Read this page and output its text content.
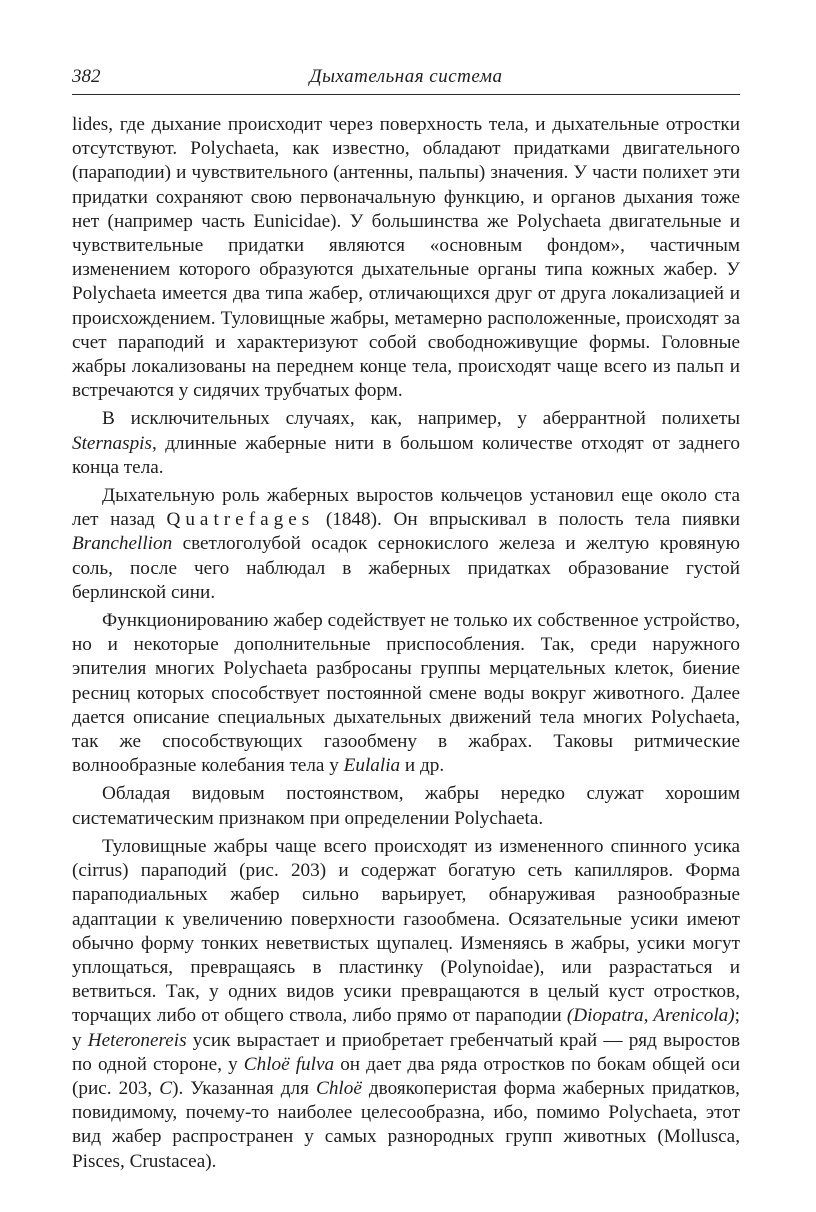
382	Дыхательная система

lides, где дыхание происходит через поверхность тела, и дыхательные отростки отсутствуют. Polychaeta, как известно, обладают придатками двигательного (параподии) и чувствительного (антенны, пальпы) значения. У части полихет эти придатки сохраняют свою первоначальную функцию, и органов дыхания тоже нет (например часть Eunicidae). У большинства же Polychaeta двигательные и чувствительные придатки являются «основным фондом», частичным изменением которого образуются дыхательные органы типа кожных жабер. У Polychaeta имеется два типа жабер, отличающихся друг от друга локализацией и происхождением. Туловищные жабры, метамерно расположенные, происходят за счет параподий и характеризуют собой свободноживущие формы. Головные жабры локализованы на переднем конце тела, происходят чаще всего из пальп и встречаются у сидячих трубчатых форм.

В исключительных случаях, как, например, у аберрантной полихеты Sternaspis, длинные жаберные нити в большом количестве отходят от заднего конца тела.

Дыхательную роль жаберных выростов кольчецов установил еще около ста лет назад Quatrefages (1848). Он впрыскивал в полость тела пиявки Branchellion светлоголубой осадок сернокислого железа и желтую кровяную соль, после чего наблюдал в жаберных придатках образование густой берлинской сини.

Функционированию жабер содействует не только их собственное устройство, но и некоторые дополнительные приспособления. Так, среди наружного эпителия многих Polychaeta разбросаны группы мерцательных клеток, биение ресниц которых способствует постоянной смене воды вокруг животного. Далее дается описание специальных дыхательных движений тела многих Polychaeta, так же способствующих газообмену в жабрах. Таковы ритмические волнообразные колебания тела у Eulalia и др.

Обладая видовым постоянством, жабры нередко служат хорошим систематическим признаком при определении Polychaeta.

Туловищные жабры чаще всего происходят из измененного спинного усика (cirrus) параподий (рис. 203) и содержат богатую сеть капилляров. Форма параподиальных жабер сильно варьирует, обнаруживая разнообразные адаптации к увеличению поверхности газообмена. Осязательные усики имеют обычно форму тонких неветвистых щупалец. Изменяясь в жабры, усики могут уплощаться, превращаясь в пластинку (Polynoidae), или разрастаться и ветвиться. Так, у одних видов усики превращаются в целый куст отростков, торчащих либо от общего ствола, либо прямо от параподии (Diopatra, Arenicola); у Heteronereis усик вырастает и приобретает гребенчатый край — ряд выростов по одной стороне, у Chloë fulva он дает два ряда отростков по бокам общей оси (рис. 203, C). Указанная для Chloë двоякоперистая форма жаберных придатков, повидимому, почему-то наиболее целесообразна, ибо, помимо Polychaeta, этот вид жабер распространен у самых разнородных групп животных (Mollusca, Pisces, Crustacea).
